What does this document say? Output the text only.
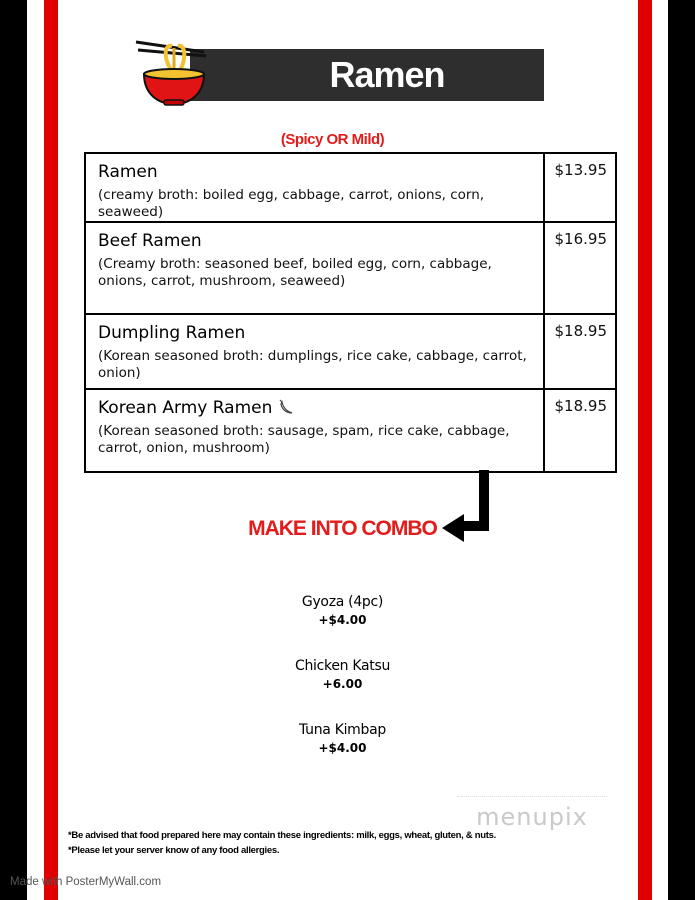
Ramen
(Spicy OR Mild)
Ramen
(creamy broth: boiled egg, cabbage, carrot, onions, corn, seaweed)	$13.95

Beef Ramen
(Creamy broth: seasoned beef, boiled egg, corn, cabbage, onions, carrot, mushroom, seaweed)	$16.95

Dumpling Ramen
(Korean seasoned broth: dumplings, rice cake, cabbage, carrot, onion)	$18.95

Korean Army Ramen
(Korean seasoned broth: sausage, spam, rice cake, cabbage, carrot, onion, mushroom)	$18.95
MAKE INTO COMBO
Gyoza (4pc)
+$4.00
Chicken Katsu
+6.00
Tuna Kimbap
+$4.00
menupix
*Be advised that food prepared here may contain these ingredients: milk, eggs, wheat, gluten, & nuts.
*Please let your server know of any food allergies.
Made with PosterMyWall.com
